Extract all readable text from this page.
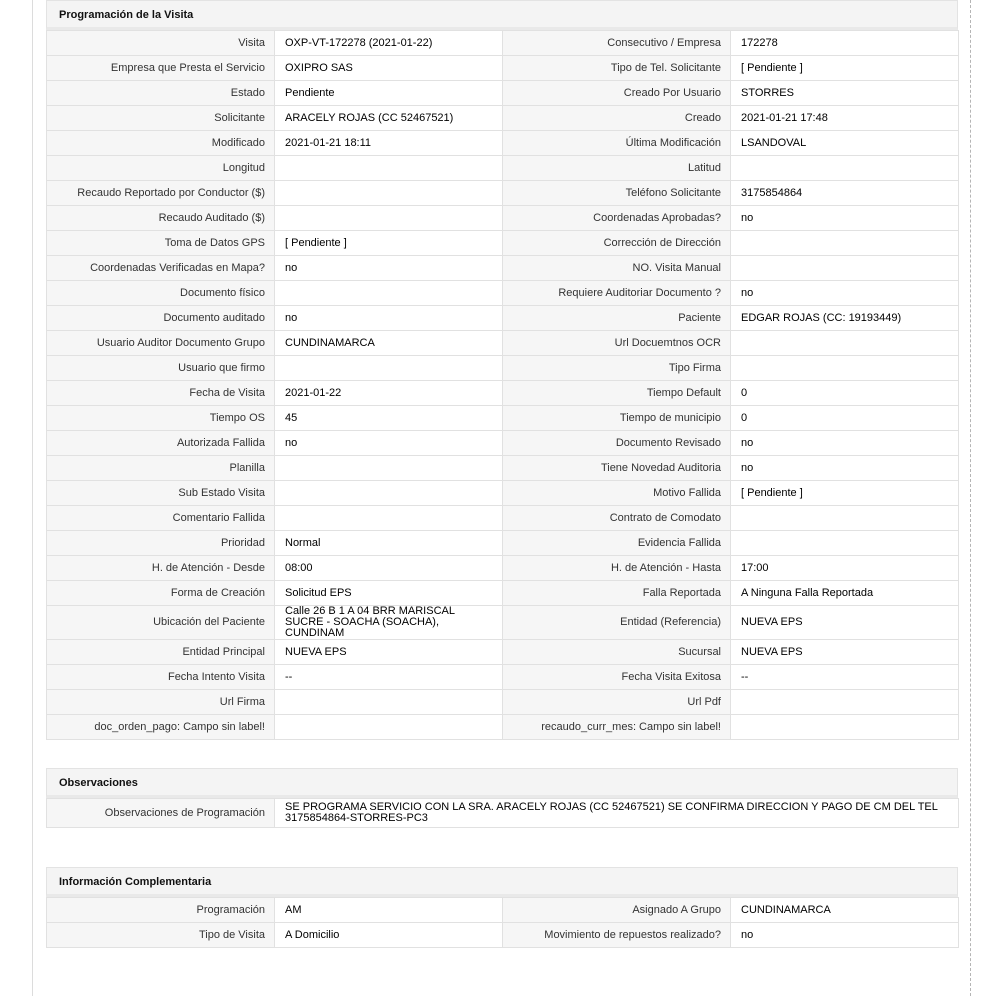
Programación de la Visita
Visita	OXP-VT-172278 (2021-01-22)	Consecutivo / Empresa	172278
Empresa que Presta el Servicio	OXIPRO SAS	Tipo de Tel. Solicitante	[ Pendiente ]
Estado	Pendiente	Creado Por Usuario	STORRES
Solicitante	ARACELY ROJAS (CC 52467521)	Creado	2021-01-21 17:48
Modificado	2021-01-21 18:11	Última Modificación	LSANDOVAL
Longitud		Latitud	
Recaudo Reportado por Conductor ($)		Teléfono Solicitante	3175854864
Recaudo Auditado ($)		Coordenadas Aprobadas?	no
Toma de Datos GPS	[ Pendiente ]	Corrección de Dirección	
Coordenadas Verificadas en Mapa?	no	NO. Visita Manual	
Documento físico		Requiere Auditoriar Documento ?	no
Documento auditado	no	Paciente	EDGAR ROJAS (CC: 19193449)
Usuario Auditor Documento Grupo	CUNDINAMARCA	Url Docuemtnos OCR	
Usuario que firmo		Tipo Firma	
Fecha de Visita	2021-01-22	Tiempo Default	0
Tiempo OS	45	Tiempo de municipio	0
Autorizada Fallida	no	Documento Revisado	no
Planilla		Tiene Novedad Auditoria	no
Sub Estado Visita		Motivo Fallida	[ Pendiente ]
Comentario Fallida		Contrato de Comodato	
Prioridad	Normal	Evidencia Fallida	
H. de Atención - Desde	08:00	H. de Atención - Hasta	17:00
Forma de Creación	Solicitud EPS	Falla Reportada	A Ninguna Falla Reportada
Ubicación del Paciente	Calle 26 B 1 A 04 BRR MARISCAL SUCRE - SOACHA (SOACHA), CUNDINAM	Entidad (Referencia)	NUEVA EPS
Entidad Principal	NUEVA EPS	Sucursal	NUEVA EPS
Fecha Intento Visita	--	Fecha Visita Exitosa	--
Url Firma		Url Pdf	
doc_orden_pago: Campo sin label!		recaudo_curr_mes: Campo sin label!	
Observaciones
Observaciones de Programación	SE PROGRAMA SERVICIO CON LA SRA. ARACELY ROJAS (CC 52467521) SE CONFIRMA DIRECCION Y PAGO DE CM DEL TEL 3175854864-STORRES-PC3
Información Complementaria
Programación	AM	Asignado A Grupo	CUNDINAMARCA
Tipo de Visita	A Domicilio	Movimiento de repuestos realizado?	no
